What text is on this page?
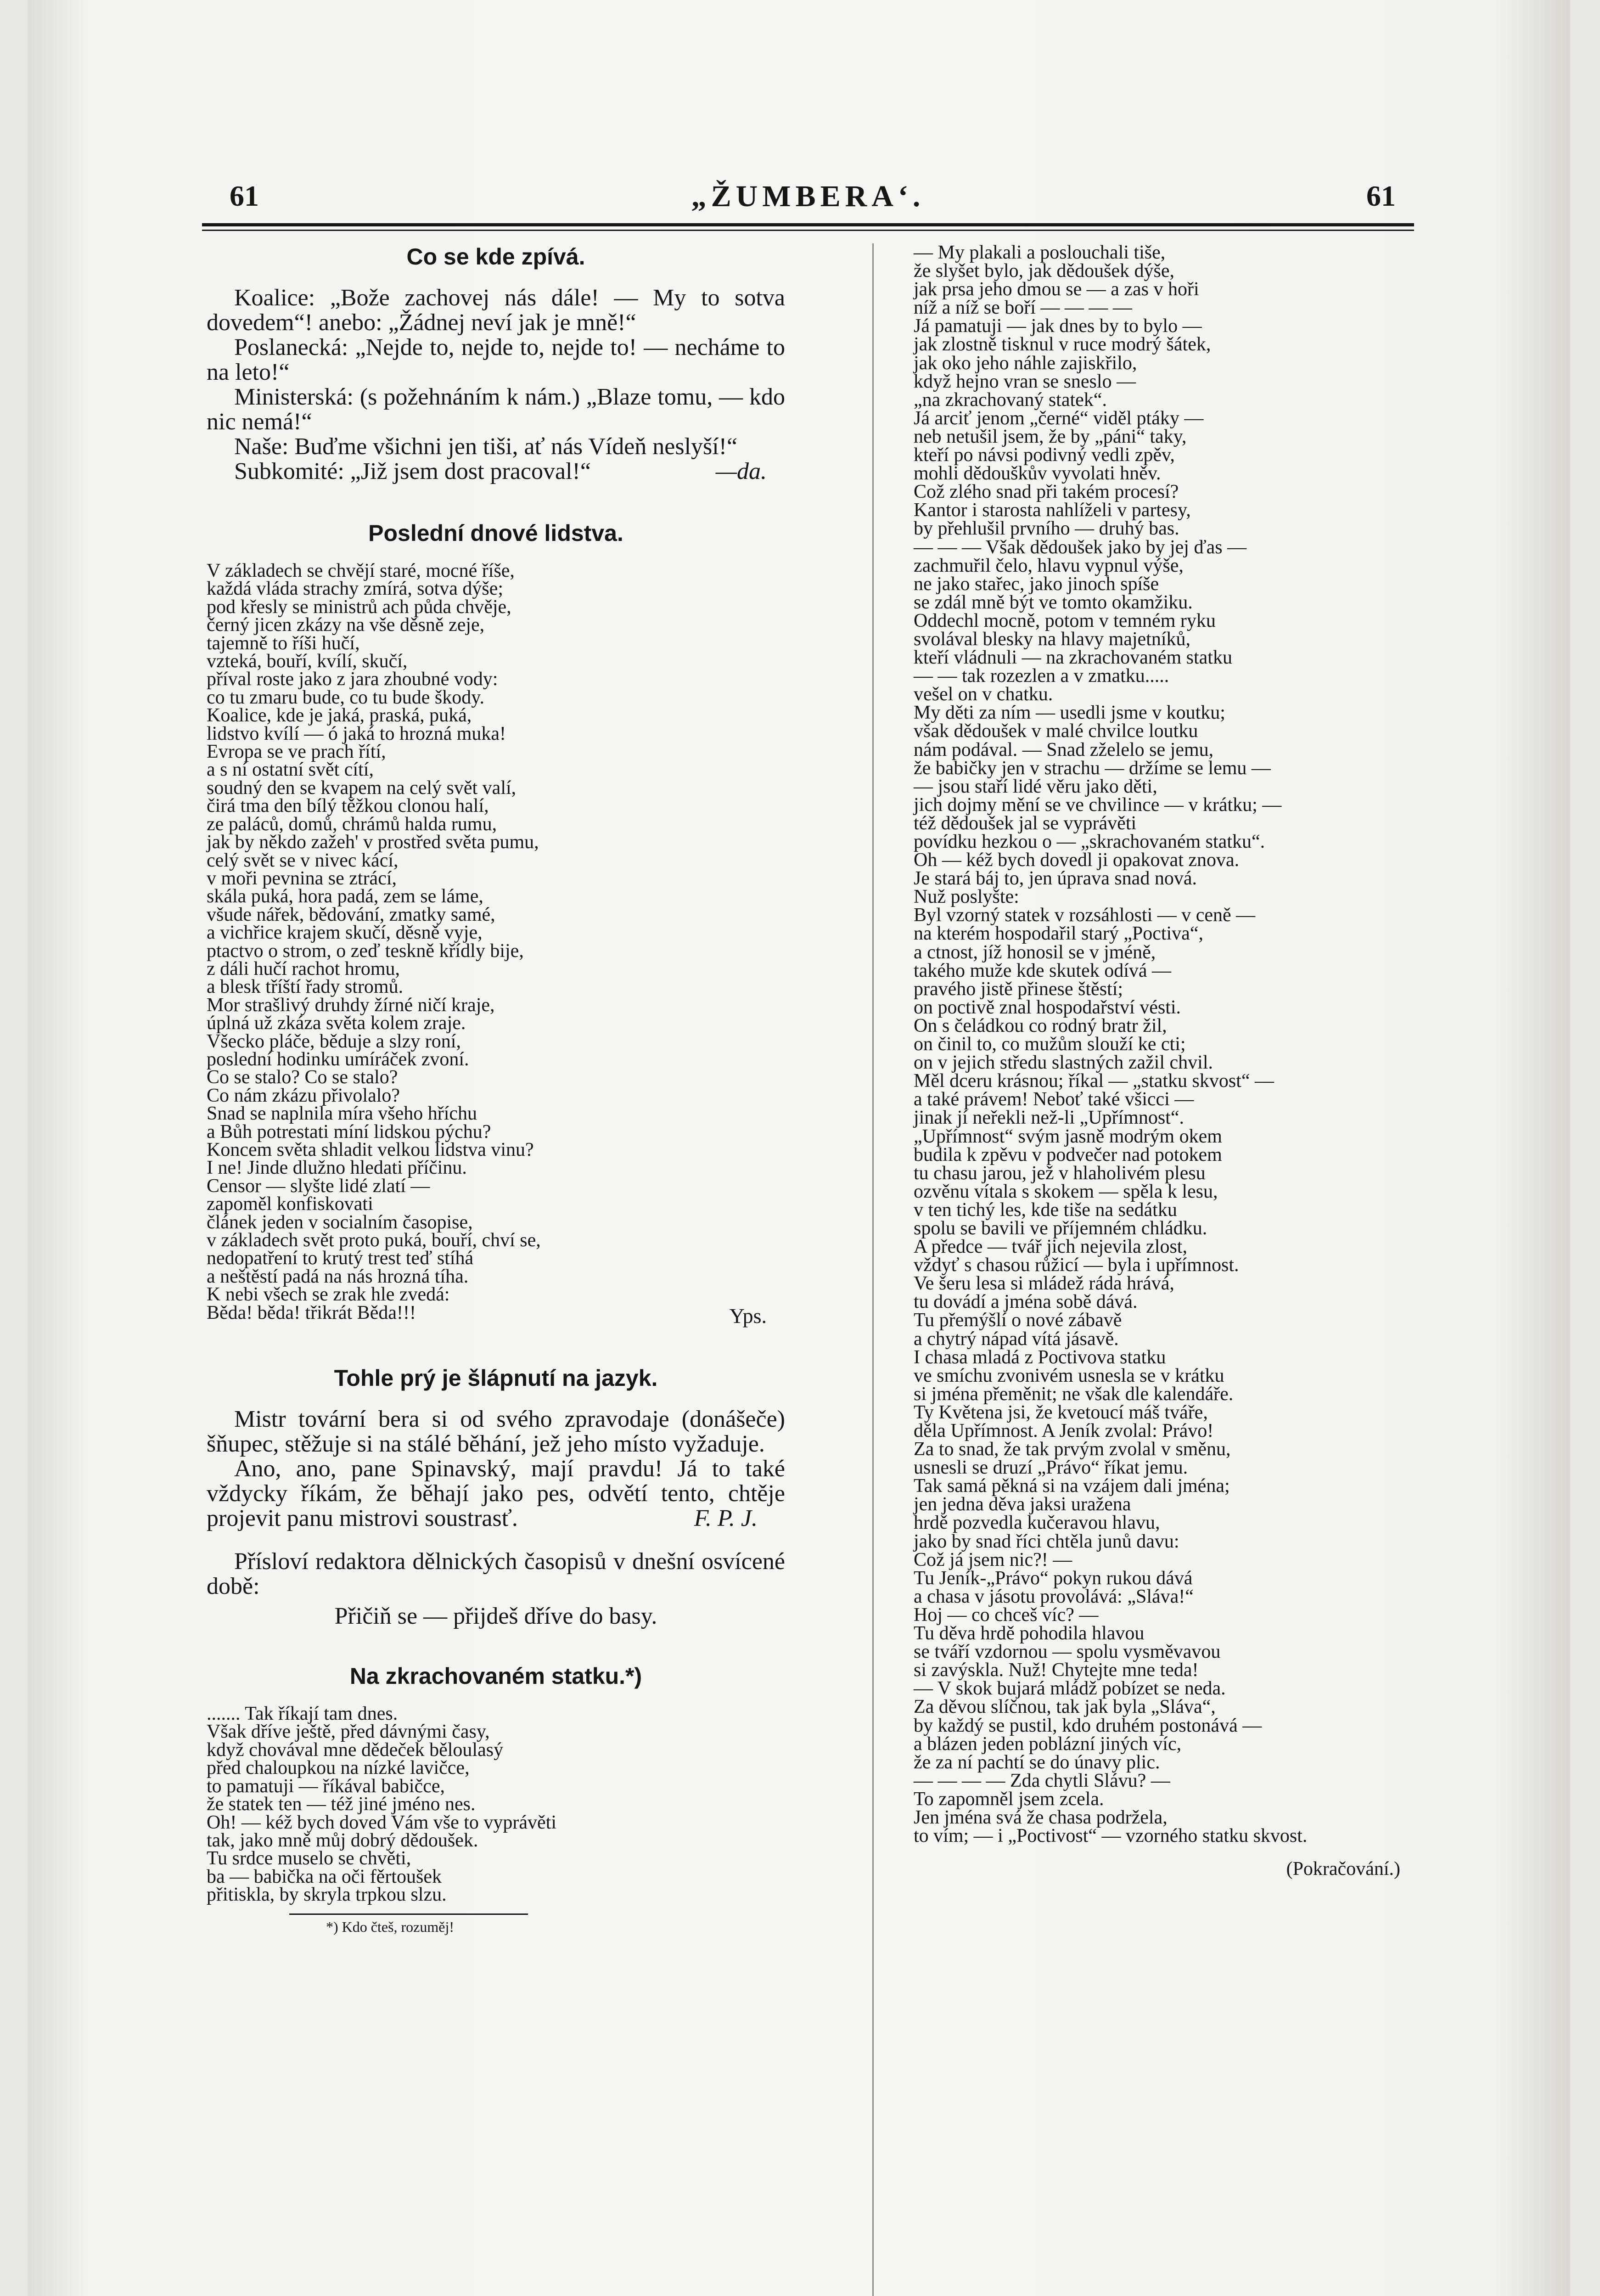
61	„ŽUMBERA‘.	61
Co se kde zpívá.

Koalice: „Bože zachovej nás dále! — My to sotva dovedem“! anebo: „Žádnej neví jak je mně!“

Poslanecká: „Nejde to, nejde to, nejde to! — necháme to na leto!“

Ministerská: (s požehnáním k nám.) „Blaze tomu, — kdo nic nemá!“

Naše: Buďme všichni jen tiši, ať nás Vídeň neslyší!“

Subkomité: „Již jsem dost pracoval!“	—da.
Poslední dnové lidstva.
V základech se chvějí staré, mocné říše,
každá vláda strachy zmírá, sotva dýše;
pod křesly se ministrů ach půda chvěje,
černý jicen zkázy na vše děsně zeje,
tajemně to říši hučí,
vzteká, bouří, kvílí, skučí,
příval roste jako z jara zhoubné vody:
co tu zmaru bude, co tu bude škody.
Koalice, kde je jaká, praská, puká,
lidstvo kvílí — ó jaká to hrozná muka!
Evropa se ve prach řítí,
a s ní ostatní svět cítí,
soudný den se kvapem na celý svět valí,
čirá tma den bílý těžkou clonou halí,
ze paláců, domů, chrámů halda rumu,
jak by někdo zažeh' v prostřed světa pumu,
celý svět se v nivec kácí,
v moři pevnina se ztrácí,
skála puká, hora padá, zem se láme,
všude nářek, bědování, zmatky samé,
a vichřice krajem skučí, děsně vyje,
ptactvo o strom, o zeď teskně křídly bije,
z dáli hučí rachot hromu,
a blesk tříští řady stromů.
Mor strašlivý druhdy žírné ničí kraje,
úplná už zkáza světa kolem zraje.
Všecko pláče, běduje a slzy roní,
poslední hodinku umíráček zvoní.
Co se stalo? Co se stalo?
Co nám zkázu přivolalo?
Snad se naplnila míra všeho hříchu
a Bůh potrestati míní lidskou pýchu?
Koncem světa shladit velkou lidstva vinu?
I ne! Jinde dlužno hledati příčinu.
Censor — slyšte lidé zlatí —
zapoměl konfiskovati
článek jeden v socialním časopise,
v základech svět proto puká, bouří, chví se,
nedopatření to krutý trest teď stíhá
a neštěstí padá na nás hrozná tíha.
K nebi všech se zrak hle zvedá:
Běda! běda! třikrát Běda!!!	Yps.
Tohle prý je šlápnutí na jazyk.

Mistr tovární bera si od svého zpravodaje (donášeče) šňupec, stěžuje si na stálé běhání, jež jeho místo vyžaduje.

Ano, ano, pane Spinavský, mají pravdu! Já to také vždycky říkám, že běhají jako pes, odvětí tento, chtěje projevit panu mistrovi soustrasť.	F. P. J.

Přísloví redaktora dělnických časopisů v dnešní osvícené době:

Přičiň se — přijdeš dříve do basy.
Na zkrachovaném statku.*)
....... Tak říkají tam dnes.
Však dříve ještě, před dávnými časy,
když chovával mne dědeček běloulasý
před chaloupkou na nízké lavičce,
to pamatuji — říkával babičce,
že statek ten — též jiné jméno nes.
Oh! — kéž bych doved Vám vše to vyprávěti
tak, jako mně můj dobrý dědoušek.
Tu srdce muselo se chvěti,
ba — babička na oči fěrtoušek
přitiskla, by skryla trpkou slzu.
*) Kdo čteš, rozuměj!
— My plakali a poslouchali tiše,
že slyšet bylo, jak dědoušek dýše,
jak prsa jeho dmou se — a zas v hoři
níž a níž se boří — — — —
Já pamatuji — jak dnes by to bylo —
jak zlostně tisknul v ruce modrý šátek,
jak oko jeho náhle zajiskřilo,
když hejno vran se sneslo —
„na zkrachovaný statek“.
Já arciť jenom „černé“ viděl ptáky —
neb netušil jsem, že by „páni“ taky,
kteří po návsi podivný vedli zpěv,
mohli dědouškův vyvolati hněv.
Což zlého snad při takém procesí?
Kantor i starosta nahlíželi v partesy,
by přehlušil prvního — druhý bas.
— — — Však dědoušek jako by jej ďas —
zachmuřil čelo, hlavu vypnul výše,
ne jako stařec, jako jinoch spíše
se zdál mně být ve tomto okamžiku.
Oddechl mocně, potom v temném ryku
svolával blesky na hlavy majetníků,
kteří vládnuli — na zkrachovaném statku
— — tak rozezlen a v zmatku.....
vešel on v chatku.
My děti za ním — usedli jsme v koutku;
však dědoušek v malé chvilce loutku
nám podával. — Snad zželelo se jemu,
že babičky jen v strachu — držíme se lemu —
— jsou staří lidé věru jako děti,
jich dojmy mění se ve chvilince — v krátku; —
též dědoušek jal se vyprávěti
povídku hezkou o — „skrachovaném statku“.
Oh — kéž bych dovedl ji opakovat znova.
Je stará báj to, jen úprava snad nová.
Nuž poslyšte:
Byl vzorný statek v rozsáhlosti — v ceně —
na kterém hospodařil starý „Poctiva“,
a ctnost, jíž honosil se v jméně,
takého muže kde skutek odívá —
pravého jistě přinese štěstí;
on poctivě znal hospodařství vésti.
On s čeládkou co rodný bratr žil,
on činil to, co mužům slouží ke cti;
on v jejich středu slastných zažil chvil.
Měl dceru krásnou; říkal — „statku skvost“ —
a také právem! Neboť také všicci —
jinak jí neřekli než-li „Upřímnost“.
„Upřímnost“ svým jasně modrým okem
budila k zpěvu v podvečer nad potokem
tu chasu jarou, jež v hlaholivém plesu
ozvěnu vítala s skokem — spěla k lesu,
v ten tichý les, kde tiše na sedátku
spolu se bavili ve příjemném chládku.
A předce — tvář jich nejevila zlost,
vždyť s chasou růžicí — byla i upřímnost.
Ve šeru lesa si mládež ráda hrává,
tu dovádí a jména sobě dává.
Tu přemýšlí o nové zábavě
a chytrý nápad vítá jásavě.
I chasa mladá z Poctivova statku
ve smíchu zvonivém usnesla se v krátku
si jména přeměnit; ne však dle kalendáře.
Ty Květena jsi, že kvetoucí máš tváře,
děla Upřímnost. A Jeník zvolal: Právo!
Za to snad, že tak prvým zvolal v směnu,
usnesli se druzí „Právo“ říkat jemu.
Tak samá pěkná si na vzájem dali jména;
jen jedna děva jaksi uražena
hrdě pozvedla kučeravou hlavu,
jako by snad říci chtěla junů davu:
Což já jsem nic?! —
Tu Jeník-„Právo“ pokyn rukou dává
a chasa v jásotu provolává: „Sláva!“
Hoj — co chceš víc? —
Tu děva hrdě pohodila hlavou
se tváří vzdornou — spolu vysměvavou
si zavýskla. Nuž! Chytejte mne teda!
— V skok bujará mládž pobízet se neda.
Za děvou slíčnou, tak jak byla „Sláva“,
by každý se pustil, kdo druhém postonává —
a blázen jeden poblázní jiných víc,
že za ní pachtí se do únavy plic.
— — — — Zda chytli Slávu? —
To zapomněl jsem zcela.
Jen jména svá že chasa podržela,
to vím; — i „Poctivost“ — vzorného statku skvost.
(Pokračování.)
